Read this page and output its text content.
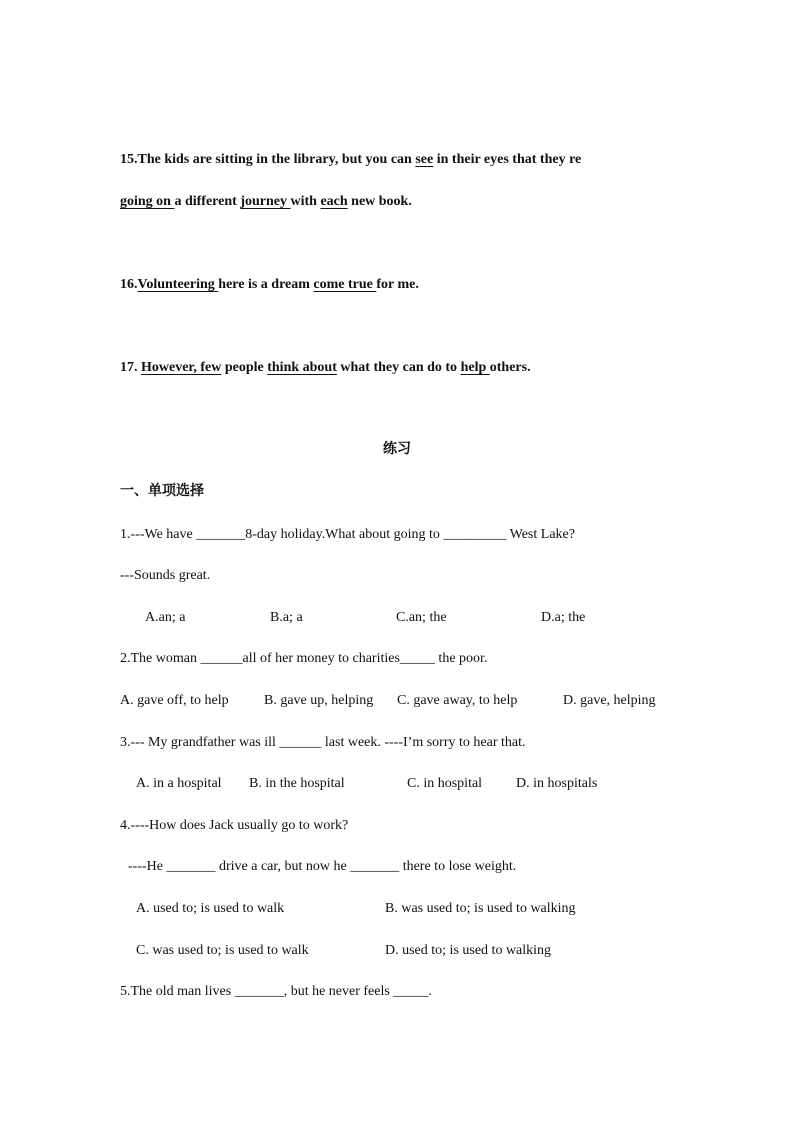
15.The kids are sitting in the library, but you can see in their eyes that they re
going on a different journey with each new book.
16.Volunteering here is a dream come true for me.
17. However, few people think about what they can do to help others.
练习
一、单项选择
1.---We have _______8-day holiday.What about going to _________ West Lake?
---Sounds great.
A.an; a	B.a; a	C.an; the	D.a; the
2.The woman ______all of her money to charities_____ the poor.
A. gave off, to help	B. gave up, helping C. gave away, to help	D. gave, helping
3.--- My grandfather was ill ______ last week. ----I’m sorry to hear that.
A. in a hospital B. in the hospital	C. in hospital D. in hospitals
4.----How does Jack usually go to work?
----He _______ drive a car, but now he _______ there to lose weight.
A. used to; is used to walk	B. was used to; is used to walking
C. was used to; is used to walk	D. used to; is used to walking
5.The old man lives _______, but he never feels _____.
